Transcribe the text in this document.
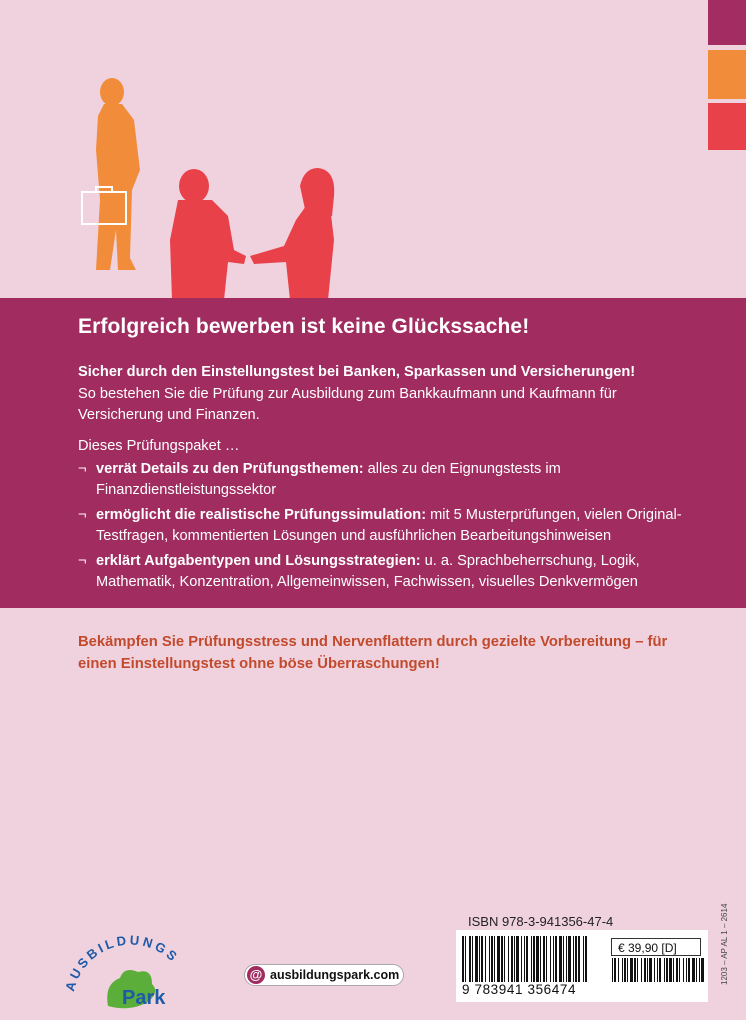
Erfolgreich bewerben ist keine Glückssache!
Sicher durch den Einstellungstest bei Banken, Sparkassen und Versicherungen!
So bestehen Sie die Prüfung zur Ausbildung zum Bankkaufmann und Kaufmann für Versicherung und Finanzen.
Dieses Prüfungspaket …
¬ verrät Details zu den Prüfungsthemen: alles zu den Eignungstests im Finanzdienstleistungssektor
¬ ermöglicht die realistische Prüfungssimulation: mit 5 Musterprüfungen, vielen Original-Testfragen, kommentierten Lösungen und ausführlichen Bearbeitungshinweisen
¬ erklärt Aufgabentypen und Lösungsstrategien: u. a. Sprachbeherrschung, Logik, Mathematik, Konzentration, Allgemeinwissen, Fachwissen, visuelles Denkvermögen
Bekämpfen Sie Prüfungsstress und Nervenflattern durch gezielte Vorbereitung – für einen Einstellungstest ohne böse Überraschungen!
AUSBILDUNGS
Park
@ ausbildungspark.com
ISBN 978-3-941356-47-4
€ 39,90 [D]
9 783941 356474
1203 – AP AL 1 – 2614
